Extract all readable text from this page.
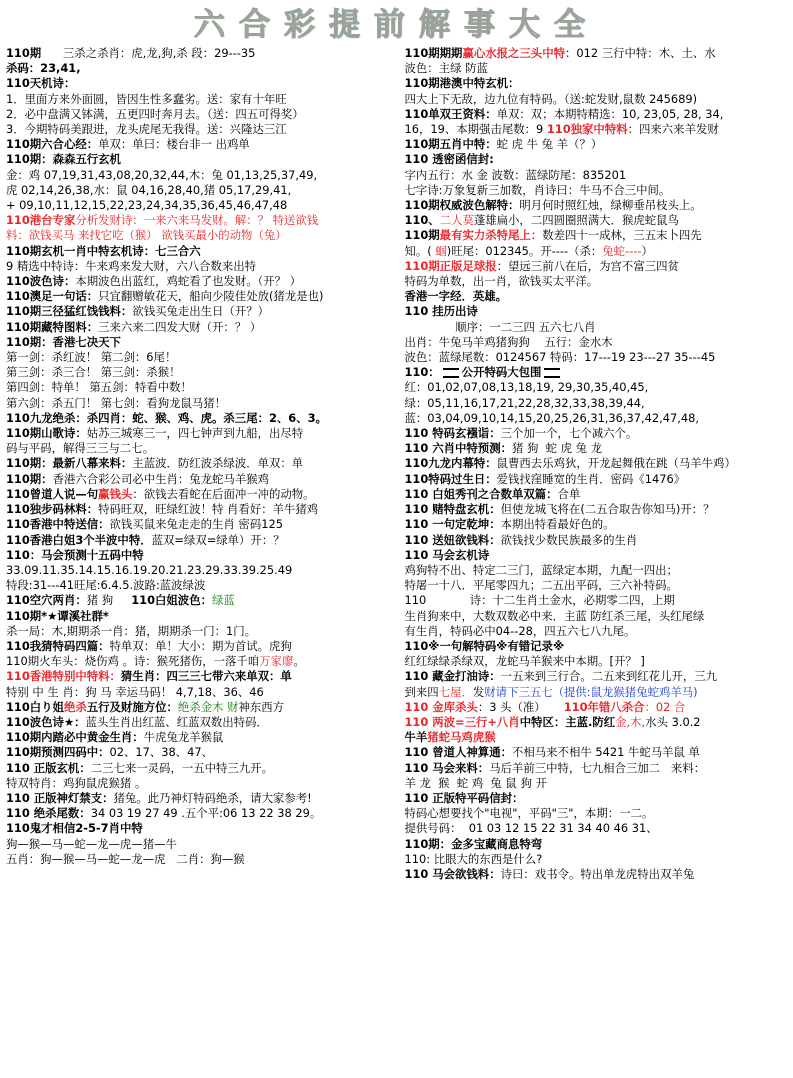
六合彩提前解事大全
110期      三杀之杀肖：虎,龙,狗,杀 段：29---35
杀码：23,41,
110天机诗：
1．里面方来外面圆，皆因生性多蠢劣。送：家有十年旺
2．必中盘满又钵满，五更四时奔月去。（送：四五可得奖）
3．今期特码美跟进，龙头虎尾无我得。送：兴隆达三江
110期六合心经：单双：单曰：楼台非一 出鸡单
110期：森森五行玄机
金：鸡 07,19,31,43,08,20,32,44,木：兔 01,13,25,37,49,
虎 02,14,26,38,水：鼠 04,16,28,40,猪 05,17,29,41,
+ 09,10,11,12,15,22,23,24,34,35,36,45,46,47,48
110港台专家分析发财诗：一来六来马发财。解：？ 特送欲钱
料：欲钱买马 来找它吃（猴） 欲钱买最小的动物（兔）
110期玄机一肖中特玄机诗：七三合六
9 精选中特诗：牛来鸡来发大财，六八合数来出特
110波色诗：本期波色出蓝红，鸡蛇看了也发财。（开？ ）
110澳足一句话：只宜翻赠敏花天，船向少陵佳处放(猪龙是也)
110期三径猛红饯钱料：欲钱买兔走出生日（开？）
110期藏特图料：三来六来二四发大财（开：？ ）
110期：香港七决天下
第一剑：杀红波！ 第二剑：6尾！
第三剑：杀三合！ 第三剑：杀猴！
第四剑：特单！ 第五剑：特看中数！
第六剑：杀五门！ 第七剑：看狗龙鼠马猪！
110九龙绝杀：杀四肖：蛇、猴、鸡、虎。杀三尾：2、6、3。
110期山歌诗：姑苏三城寒三一，四七钟声到九船，出尽特
码与平码，解得三三与二七。
110期：最新八幕来料：主蓝波．防红波杀绿波．单双：单
110期：香港六合彩公司必中生肖：兔龙蛇马羊猴鸡
110曾道人说—句赢钱头：欲钱去看蛇在后面冲一冲的动物。
110独步码林料：特码旺双，旺绿红波！特 肖看好：羊牛猪鸡
110香港中特送信：欲钱买鼠来兔走走的生肖 密码125
110香港白姐3个半波中特．蓝双=绿双=绿单）开：？
110：马会预测十五码中特
33.09.11.35.14.15.16.19.20.21.23.29.33.39.25.49
特段:31---41旺尾:6.4.5.波路:蓝波绿波
110空穴两肖：猪 狗     110白姐波色：绿蓝
110期*★谭溪社群*
杀一局：木,期期杀一肖：猪，期期杀一门：1门。
110我猜特码四篇：特单双：单！大小：期为首试。虎狗
110期火车头：烧伤鸡 。诗：猴死猪伤，一落千咱万家廖。
110香港特别中特料：猜生肖：四三三七带六来单双：单
特别 中 生 肖：狗 马 幸运马码！ 4,7,18、36、46
110白り姐绝杀五行及财施方位：绝杀金木 财神东西方
110波色诗★：蓝头生肖出红蓝、红蓝双数出特码．
110期内踏必中黄金生肖：牛虎兔龙羊猴鼠
110期预测四码中：02、17、38、47、
110 正版玄机：二三七来一灵码，一五中特三九开。
特双特肖：鸡狗鼠虎猴猪 。
110 正版神灯禁支：猪兔。此乃神灯特码绝杀，请大家参考!
110 绝杀尾数：34 03 19 27 49 .五个平:06 13 22 38 29。
110鬼才相信2-5-7肖中特
狗—猴—马—蛇—龙—虎—猪—牛
五肖：狗—猴—马—蛇—龙—虎   二肖：狗—猴
110期期期赢心水报之三头中特：012 三行中特：木、土、水
波色：主绿 防蓝
110期港澳中特玄机：
四大上下无敌，边九位有特码。（送:蛇发财,鼠数 245689)
110单双王资料：单双：双；本期特精选：10, 23,05, 28, 34,
16，19、本期强击尾数：9 110独家中特料：四来六来羊发财
110期五肖中特：蛇 虎 牛 兔 羊（？）
110 透密函信封:
字内五行：水 金 波数：蓝绿防尾：835201
七字诗:万象复新三加数，肖诗曰：牛马不合三中间。
110期权威波色解特：明月何时照红烛，绿柳垂吊枝头上。
110、二人莫蓬雄扁小，二四圆圈照满大．猴虎蛇鼠鸟
110期最有实力杀特尾上：数差四十一成林，三五末卜四先
知。( 蝈)旺尾：012345。开----（杀：兔蛇----）
110期正版足球报：望远三前八在后，为宫不富三四贫
特码为单数，出一肖，欲钱买太平洋。
香港一字经．英雄。
110 挂历出诗
顺序：一二三四 五六七八肖
出肖：牛兔马羊鸡猪狗狗    五行：金水木
波色：蓝绿尾数：0124567 特码：17---19 23---27 35---45
110： 公开特码大包围
红：01,02,07,08,13,18,19, 29,30,35,40,45,
绿：05,11,16,17,21,22,28,32,33,38,39,44,
蓝：03,04,09,10,14,15,20,25,26,31,36,37,42,47,48,
110 特码玄襁诣：三个加一个，七个减六个。
110 六肖中特预测：猪 狗  蛇 虎 兔 龙
110九龙内幕特：鼠曹西去乐鸡狄，开龙起舞俄在跳（马羊牛鸡）
110特码过生日：爱钱找窪睡宽的生肖．密码《1476》
110 白姐秀刊之合数单双篇：合单
110 赌特盘玄机：但使龙城飞将在(二五合取告你知马)开：？
110 一句定乾坤：本期出特看最好色的。
110 送妞欲钱料：欲钱找少数民族最多的生肖
110 马会玄机诗
鸡狗特不出、特定二三门，蓝绿定本期，九配一四出；
特屠一十八．平尾零四九；二五出平码，三六补特码。
110            诗：十二生肖土金水，必期零二四，上期
生肖狗来中，大数双数必中来．主蓝 防红杀三尾，头红尾绿
有生肖，特码必中04--28，四五六七八九尾。
110※一句解特码※有错记录※
红红绿绿杀绿双，龙蛇马羊猴来中本期。[开？ ]
110 藏金打油诗：一五来到三行合。二五来到红花儿开，三九
到来四七屋．发财请下三五七（提供:鼠龙猴猪兔蛇鸡羊马)
110 金库杀头：3 头（准）     110年错八杀合：02 合
110 两波=三行+八肖中特区：主蓝.防红金,木,水头 3.0.2
牛羊猪蛇马鸡虎猴
110 曾道人神算通：不相马来不相牛 5421 牛蛇马羊鼠 单
110 马会来料：马后羊前三中特，七九相合三加二   来料：
羊 龙  猴  蛇 鸡  兔 鼠 狗 开
110 正版特平码信封：
特码心想要找个"电视"，平码"三"，本期：一二。
提供号码：  01 03 12 15 22 31 34 40 46 31、
110期：金多宝藏商息特弯
110: 比眼大的东西是什么?
110 马会欲钱料：诗曰：戏书令。特出单龙虎特出双羊兔
